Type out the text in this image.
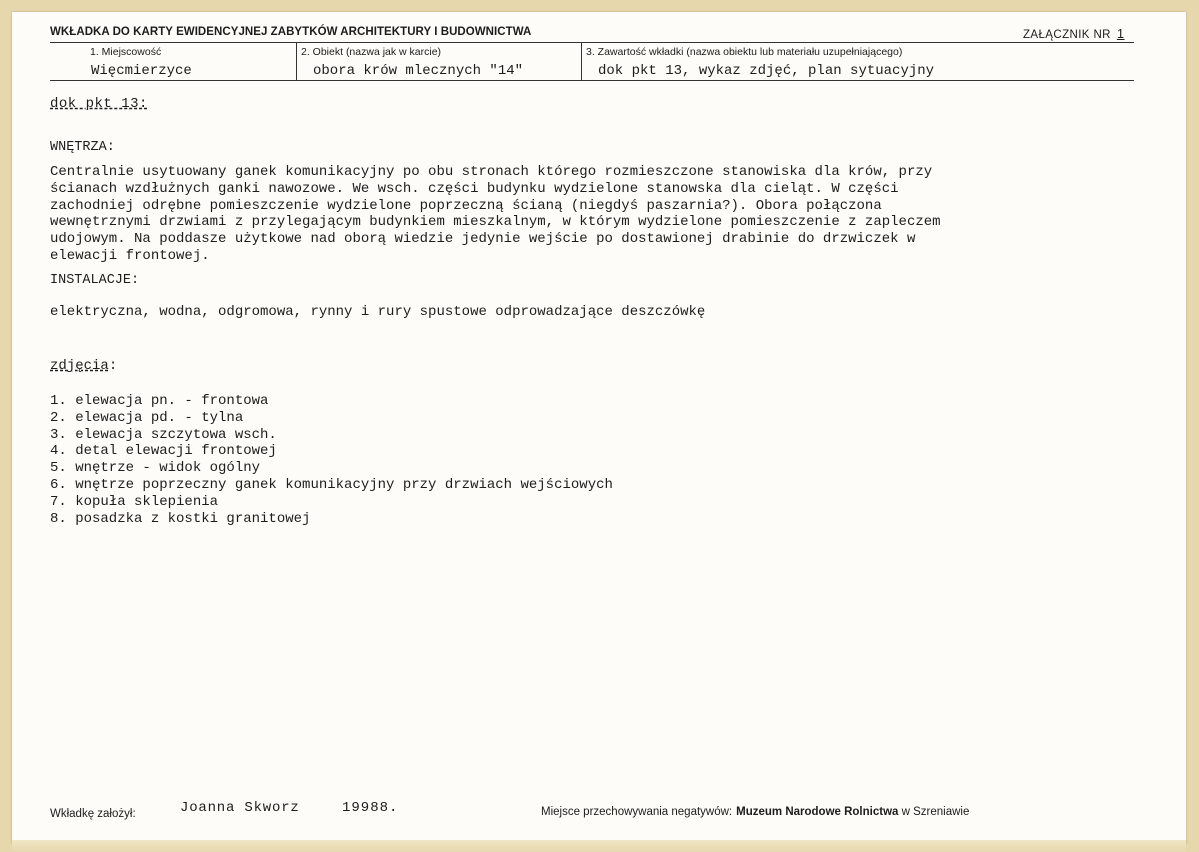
WKŁADKA DO KARTY EWIDENCYJNEJ ZABYTKÓW ARCHITEKTURY I BUDOWNICTWA	ZAŁĄCZNIK NR 1
1. Miejscowość
Więcmierzyce
2. Obiekt (nazwa jak w karcie)
obora krów mlecznych "14"
3. Zawartość wkładki (nazwa obiektu lub materiału uzupełniającego)
dok pkt 13, wykaz zdjęć, plan sytuacyjny
dok pkt 13:
WNĘTRZA:
Centralnie usytuowany ganek komunikacyjny po obu stronach którego rozmieszczone stanowiska dla krów, przy
ścianach wzdłużnych ganki nawozowe. We wsch. części budynku wydzielone stanowska dla cieląt. W części
zachodniej odrębne pomieszczenie wydzielone poprzeczną ścianą (niegdyś paszarnia?). Obora połączona
wewnętrznymi drzwiami z przylegającym budynkiem mieszkalnym, w którym wydzielone pomieszczenie z zapleczem
udojowym. Na poddasze użytkowe nad oborą wiedzie jedynie wejście po dostawionej drabinie do drzwiczek w
elewacji frontowej.
INSTALACJE:
elektryczna, wodna, odgromowa, rynny i rury spustowe odprowadzające deszczówkę
zdjęcia:
1. elewacja pn. - frontowa
2. elewacja pd. - tylna
3. elewacja szczytowa wsch.
4. detal elewacji frontowej
5. wnętrze - widok ogólny
6. wnętrze poprzeczny ganek komunikacyjny przy drzwiach wejściowych
7. kopuła sklepienia
8. posadzka z kostki granitowej
Wkładkę założył:	Joanna Skworz	19988.	Miejsce przechowywania negatywów: Muzeum Narodowe Rolnictwa w Szreniawie
